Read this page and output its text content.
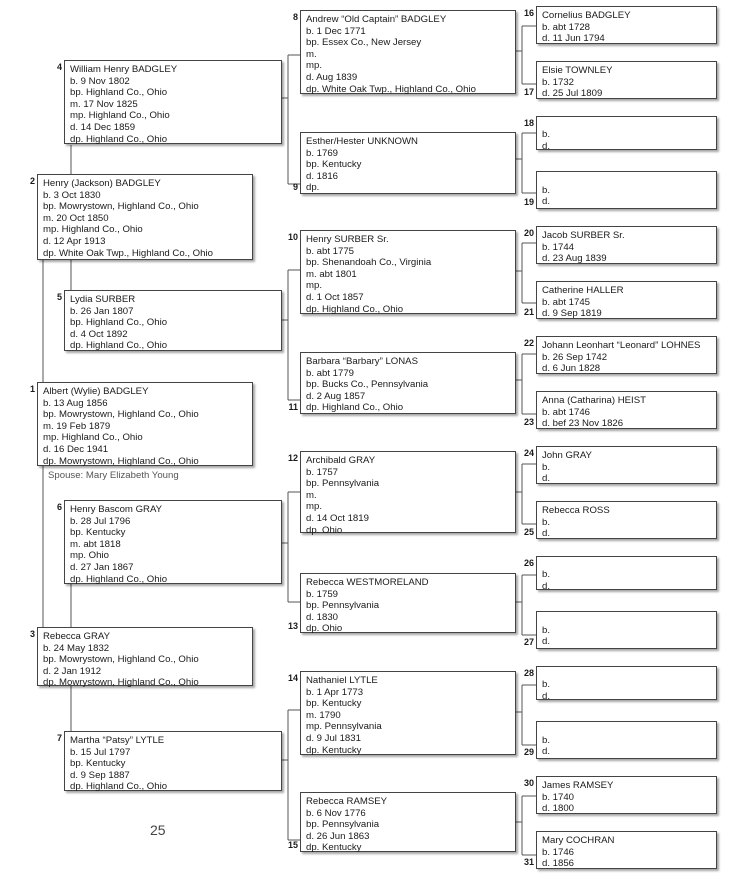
Albert (Wylie) BADGLEY
b. 13 Aug 1856
bp. Mowrystown, Highland Co., Ohio
m. 19 Feb 1879
mp. Highland Co., Ohio
d. 16 Dec 1941
dp. Mowrystown, Highland Co., Ohio
1
Henry (Jackson) BADGLEY
b. 3 Oct 1830
bp. Mowrystown, Highland Co., Ohio
m. 20 Oct 1850
mp. Highland Co., Ohio
d. 12 Apr 1913
dp. White Oak Twp., Highland Co., Ohio
2
Rebecca GRAY
b. 24 May 1832
bp. Mowrystown, Highland Co., Ohio
d. 2 Jan 1912
dp. Mowrystown, Highland Co., Ohio
3
William Henry BADGLEY
b. 9 Nov 1802
bp. Highland Co., Ohio
m. 17 Nov 1825
mp. Highland Co., Ohio
d. 14 Dec 1859
dp. Highland Co., Ohio
4
Lydia SURBER
b. 26 Jan 1807
bp. Highland Co., Ohio
d. 4 Oct 1892
dp. Highland Co., Ohio
5
Henry Bascom GRAY
b. 28 Jul 1796
bp. Kentucky
m. abt 1818
mp. Ohio
d. 27 Jan 1867
dp. Highland Co., Ohio
6
Martha “Patsy” LYTLE
b. 15 Jul 1797
bp. Kentucky
d. 9 Sep 1887
dp. Highland Co., Ohio
7
Andrew “Old Captain” BADGLEY
b. 1 Dec 1771
bp. Essex Co., New Jersey
m.
mp.
d. Aug 1839
dp. White Oak Twp., Highland Co., Ohio
8
Esther/Hester UNKNOWN
b. 1769
bp. Kentucky
d. 1816
dp.
9
Henry SURBER Sr.
b. abt 1775
bp. Shenandoah Co., Virginia
m. abt 1801
mp.
d. 1 Oct 1857
dp. Highland Co., Ohio
10
Barbara “Barbary” LONAS
b. abt 1779
bp. Bucks Co., Pennsylvania
d. 2 Aug 1857
dp. Highland Co., Ohio
11
Archibald GRAY
b. 1757
bp. Pennsylvania
m.
mp.
d. 14 Oct 1819
dp. Ohio
12
Rebecca WESTMORELAND
b. 1759
bp. Pennsylvania
d. 1830
dp. Ohio
13
Nathaniel LYTLE
b. 1 Apr 1773
bp. Kentucky
m. 1790
mp. Pennsylvania
d. 9 Jul 1831
dp. Kentucky
14
Rebecca RAMSEY
b. 6 Nov 1776
bp. Pennsylvania
d. 26 Jun 1863
dp. Kentucky
15
Cornelius BADGLEY
b. abt 1728
d. 11 Jun 1794
16
Elsie TOWNLEY
b. 1732
d. 25 Jul 1809
17
b.
d.
18

b.
d.
19
Jacob SURBER Sr.
b. 1744
d. 23 Aug 1839
20
Catherine HALLER
b. abt 1745
d. 9 Sep 1819
21
Johann Leonhart “Leonard” LOHNES
b. 26 Sep 1742
d. 6 Jun 1828
22
Anna (Catharina) HEIST
b. abt 1746
d. bef 23 Nov 1826
23
John GRAY
b.
d.
24
Rebecca ROSS
b.
d.
25
b.
d.
26

b.
d.
27
b.
d.
28

b.
d.
29
James RAMSEY
b. 1740
d. 1800
30
Mary COCHRAN
b. 1746
d. 1856
31
Spouse: Mary Elizabeth Young
25
